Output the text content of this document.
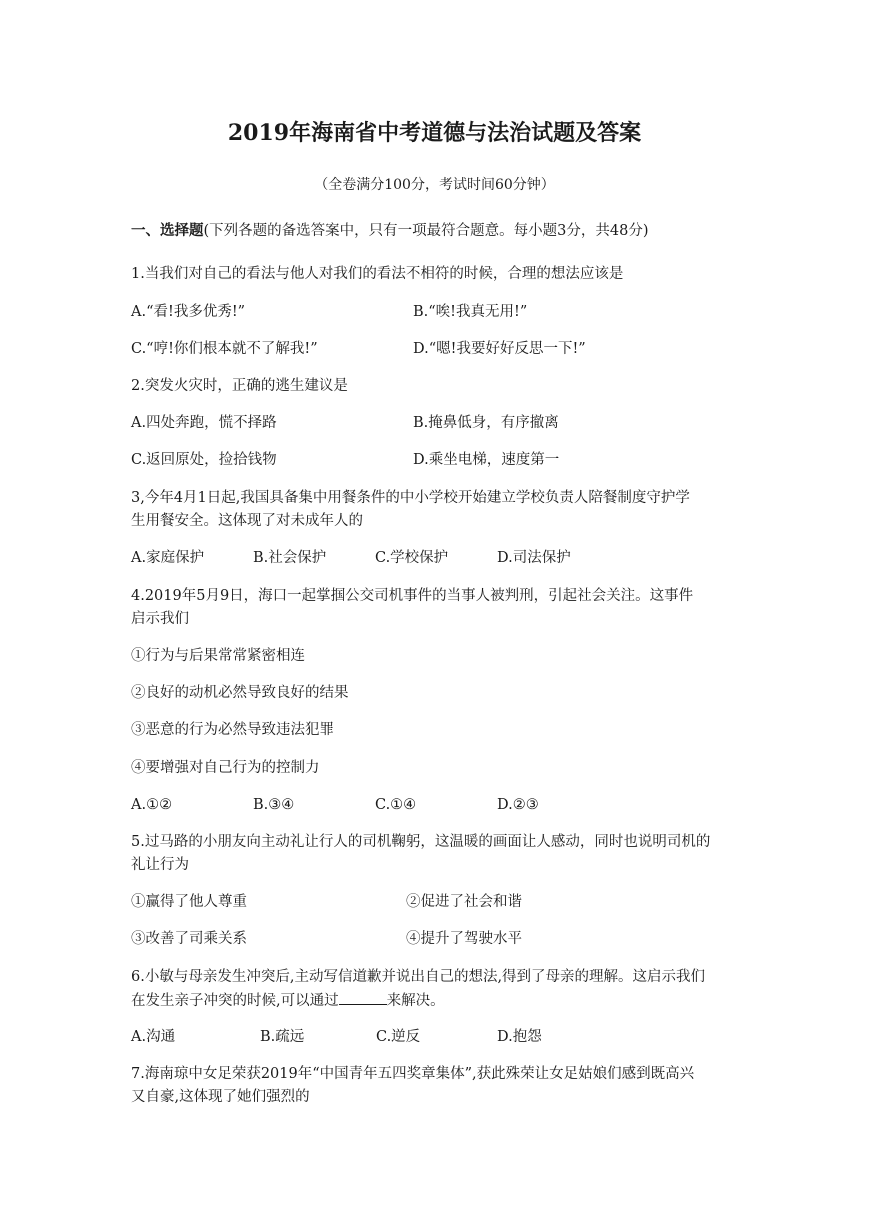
2019年海南省中考道德与法治试题及答案
（全卷满分100分，考试时间60分钟）
一、选择题(下列各题的备选答案中，只有一项最符合题意。每小题3分，共48分)
1.当我们对自己的看法与他人对我们的看法不相符的时候，合理的想法应该是
A.“看!我多优秀!”	B.“唉!我真无用!”
C.“哼!你们根本就不了解我!”	D.“嗯!我要好好反思一下!”
2.突发火灾时，正确的逃生建议是
A.四处奔跑，慌不择路	B.掩鼻低身，有序撤离
C.返回原处，捡拾钱物	D.乘坐电梯，速度第一
3,今年4月1日起,我国具备集中用餐条件的中小学校开始建立学校负责人陪餐制度守护学
生用餐安全。这体现了对未成年人的
A.家庭保护	B.社会保护	C.学校保护	D.司法保护
4.2019年5月9日，海口一起掌掴公交司机事件的当事人被判刑，引起社会关注。这事件
启示我们
①行为与后果常常紧密相连
②良好的动机必然导致良好的结果
③恶意的行为必然导致违法犯罪
④要增强对自己行为的控制力
A.①②	B.③④	C.①④	D.②③
5.过马路的小朋友向主动礼让行人的司机鞠躬，这温暖的画面让人感动，同时也说明司机的
礼让行为
①赢得了他人尊重	②促进了社会和谐
③改善了司乘关系	④提升了驾驶水平
6.小敏与母亲发生冲突后,主动写信道歉并说出自己的想法,得到了母亲的理解。这启示我们
在发生亲子冲突的时候,可以通过	来解决。
A.沟通	B.疏远	C.逆反	D.抱怨
7.海南琼中女足荣获2019年“中国青年五四奖章集体”,获此殊荣让女足姑娘们感到既高兴
又自豪,这体现了她们强烈的
